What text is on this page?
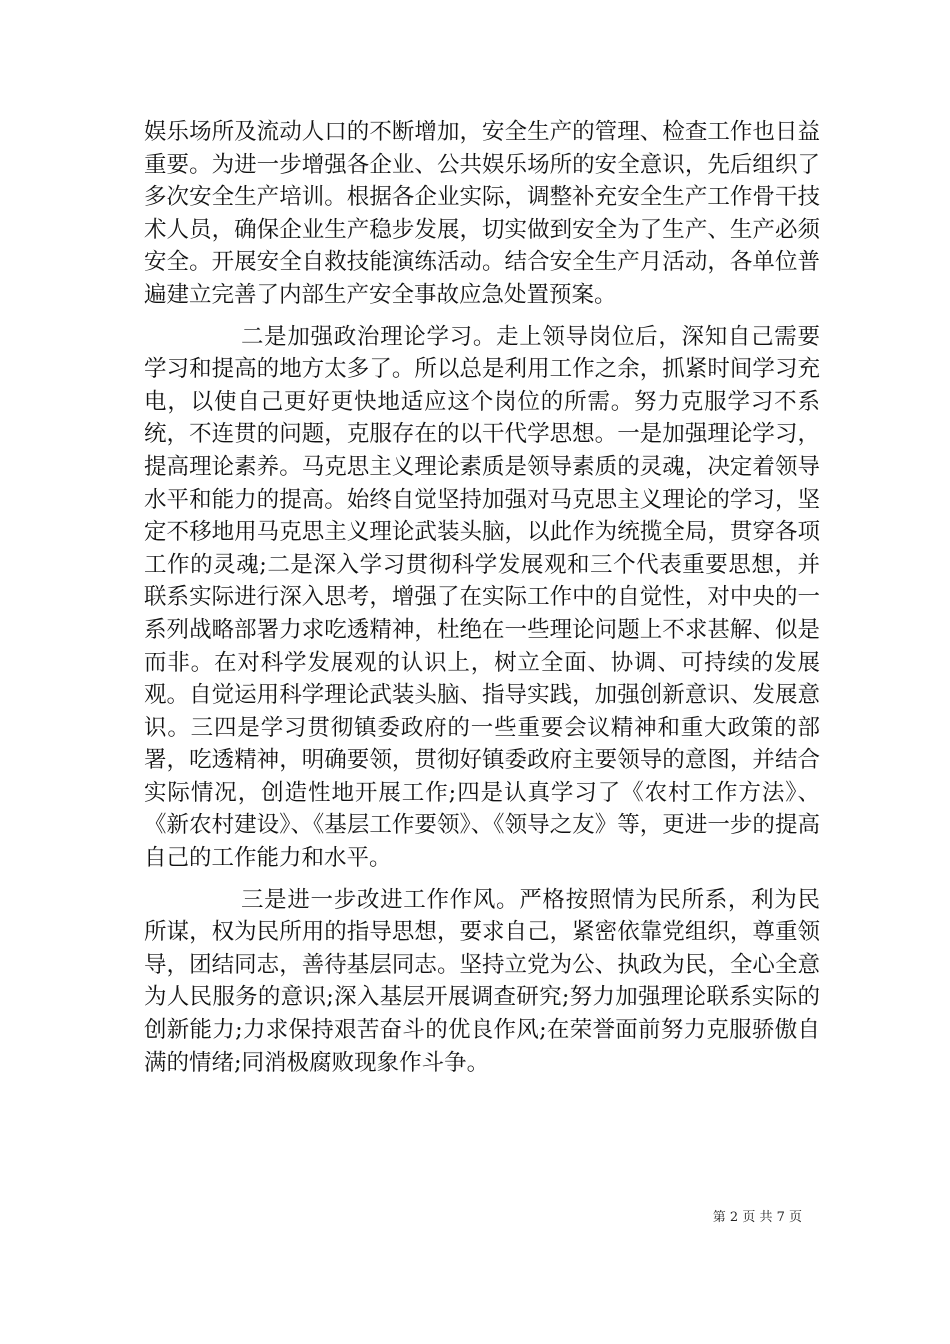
娱乐场所及流动人口的不断增加，安全生产的管理、检查工作也日益重要。为进一步增强各企业、公共娱乐场所的安全意识，先后组织了多次安全生产培训。根据各企业实际，调整补充安全生产工作骨干技术人员，确保企业生产稳步发展，切实做到安全为了生产、生产必须安全。开展安全自救技能演练活动。结合安全生产月活动，各单位普遍建立完善了内部生产安全事故应急处置预案。

二是加强政治理论学习。走上领导岗位后，深知自己需要学习和提高的地方太多了。所以总是利用工作之余，抓紧时间学习充电，以使自己更好更快地适应这个岗位的所需。努力克服学习不系统，不连贯的问题，克服存在的以干代学思想。一是加强理论学习，提高理论素养。马克思主义理论素质是领导素质的灵魂，决定着领导水平和能力的提高。始终自觉坚持加强对马克思主义理论的学习，坚定不移地用马克思主义理论武装头脑，以此作为统揽全局，贯穿各项工作的灵魂;二是深入学习贯彻科学发展观和三个代表重要思想，并联系实际进行深入思考，增强了在实际工作中的自觉性，对中央的一系列战略部署力求吃透精神，杜绝在一些理论问题上不求甚解、似是而非。在对科学发展观的认识上，树立全面、协调、可持续的发展观。自觉运用科学理论武装头脑、指导实践，加强创新意识、发展意识。三四是学习贯彻镇委政府的一些重要会议精神和重大政策的部署，吃透精神，明确要领，贯彻好镇委政府主要领导的意图，并结合实际情况，创造性地开展工作;四是认真学习了《农村工作方法》、《新农村建设》、《基层工作要领》、《领导之友》等，更进一步的提高自己的工作能力和水平。

三是进一步改进工作作风。严格按照情为民所系，利为民所谋，权为民所用的指导思想，要求自己，紧密依靠党组织，尊重领导，团结同志，善待基层同志。坚持立党为公、执政为民，全心全意为人民服务的意识;深入基层开展调查研究;努力加强理论联系实际的创新能力;力求保持艰苦奋斗的优良作风;在荣誉面前努力克服骄傲自满的情绪;同消极腐败现象作斗争。

第 2 页 共 7 页
